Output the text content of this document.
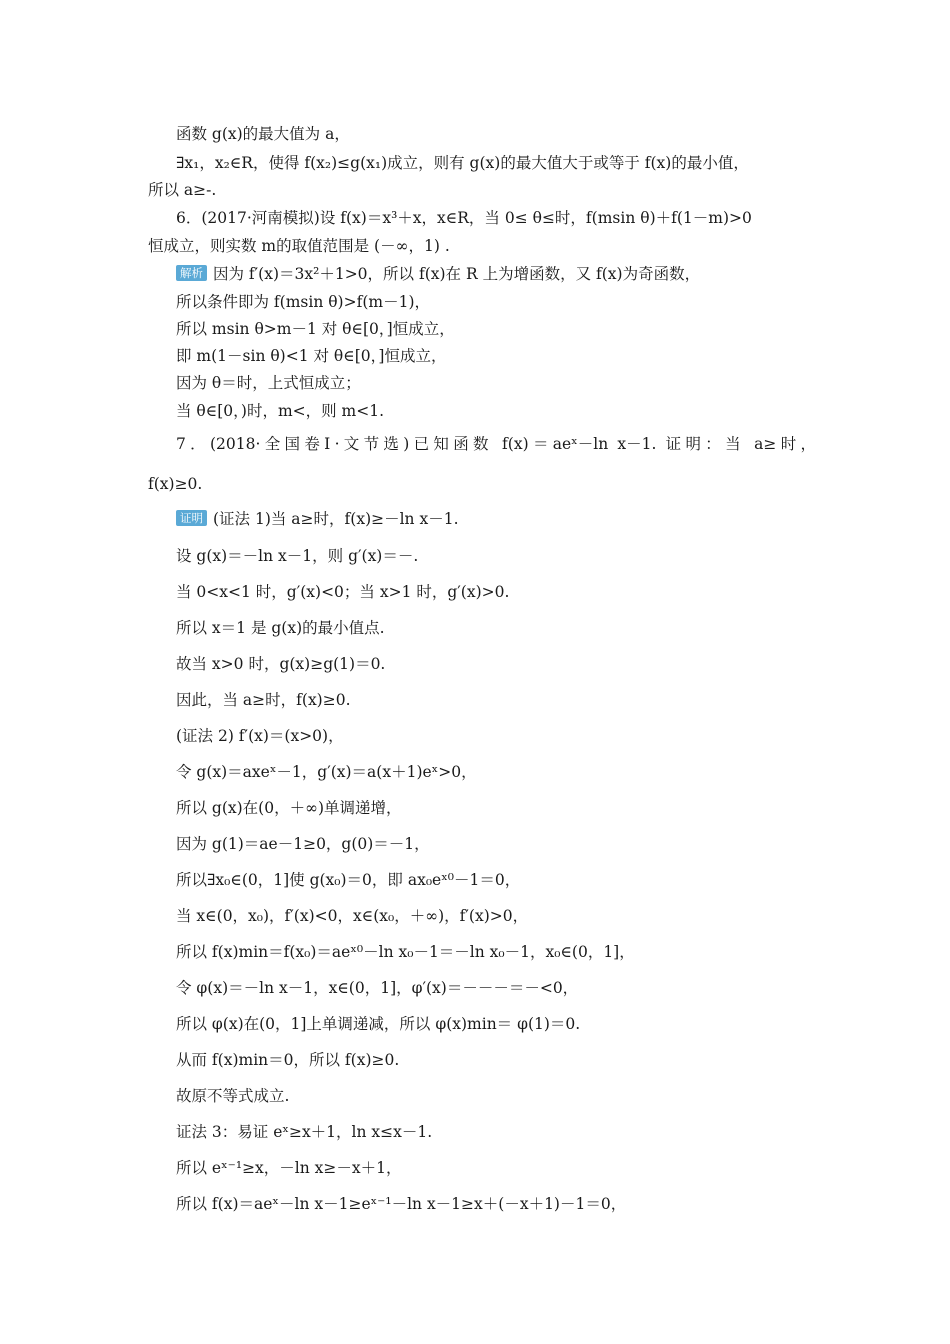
函数 g(x)的最大值为 a，
∃x₁，x₂∈R，使得 f(x₂)≤g(x₁)成立，则有 g(x)的最大值大于或等于 f(x)的最小值，
所以 a≥-.
6．(2017·河南模拟)设 f(x)＝x³＋x，x∈R，当 0≤ θ≤时，f(msin θ)＋f(1－m)>0
恒成立，则实数 m的取值范围是 (－∞，1) .
解析 因为 f′(x)＝3x²＋1>0，所以 f(x)在 R 上为增函数，又 f(x)为奇函数，
所以条件即为 f(msin θ)>f(m－1)，
所以 msin θ>m－1 对 θ∈[0，]恒成立，
即 m(1－sin θ)<1 对 θ∈[0，]恒成立，
因为 θ＝时，上式恒成立；
当 θ∈[0，)时，m<，则 m<1.
7．(2018·全国卷Ⅰ·文节选)已知函数 f(x)＝aeˣ－ln x－1. 证明：当 a≥时，
f(x)≥0.
证明 (证法 1)当 a≥时，f(x)≥－ln x－1.
设 g(x)＝－ln x－1，则 g′(x)＝－.
当 0<x<1 时，g′(x)<0；当 x>1 时，g′(x)>0.
所以 x＝1 是 g(x)的最小值点.
故当 x>0 时，g(x)≥g(1)＝0.
因此，当 a≥时，f(x)≥0.
(证法 2) f′(x)＝(x>0)，
令 g(x)＝axeˣ－1，g′(x)＝a(x＋1)eˣ>0，
所以 g(x)在(0，＋∞)单调递增，
因为 g(1)＝ae－1≥0，g(0)＝－1，
所以∃x₀∈(0，1]使 g(x₀)＝0，即 ax₀eˣ⁰－1＝0，
当 x∈(0，x₀)，f′(x)<0，x∈(x₀，＋∞)，f′(x)>0，
所以 f(x)min＝f(x₀)＝aeˣ⁰－ln x₀－1＝－ln x₀－1，x₀∈(0，1]，
令 φ(x)＝－ln x－1，x∈(0，1]，φ′(x)＝－－－＝－<0，
所以 φ(x)在(0，1]上单调递减，所以 φ(x)min＝ φ(1)＝0.
从而 f(x)min＝0，所以 f(x)≥0.
故原不等式成立.
证法 3：易证 eˣ≥x＋1，ln x≤x－1.
所以 eˣ⁻¹≥x，－ln x≥－x＋1，
所以 f(x)＝aeˣ－ln x－1≥eˣ⁻¹－ln x－1≥x＋(－x＋1)－1＝0，
